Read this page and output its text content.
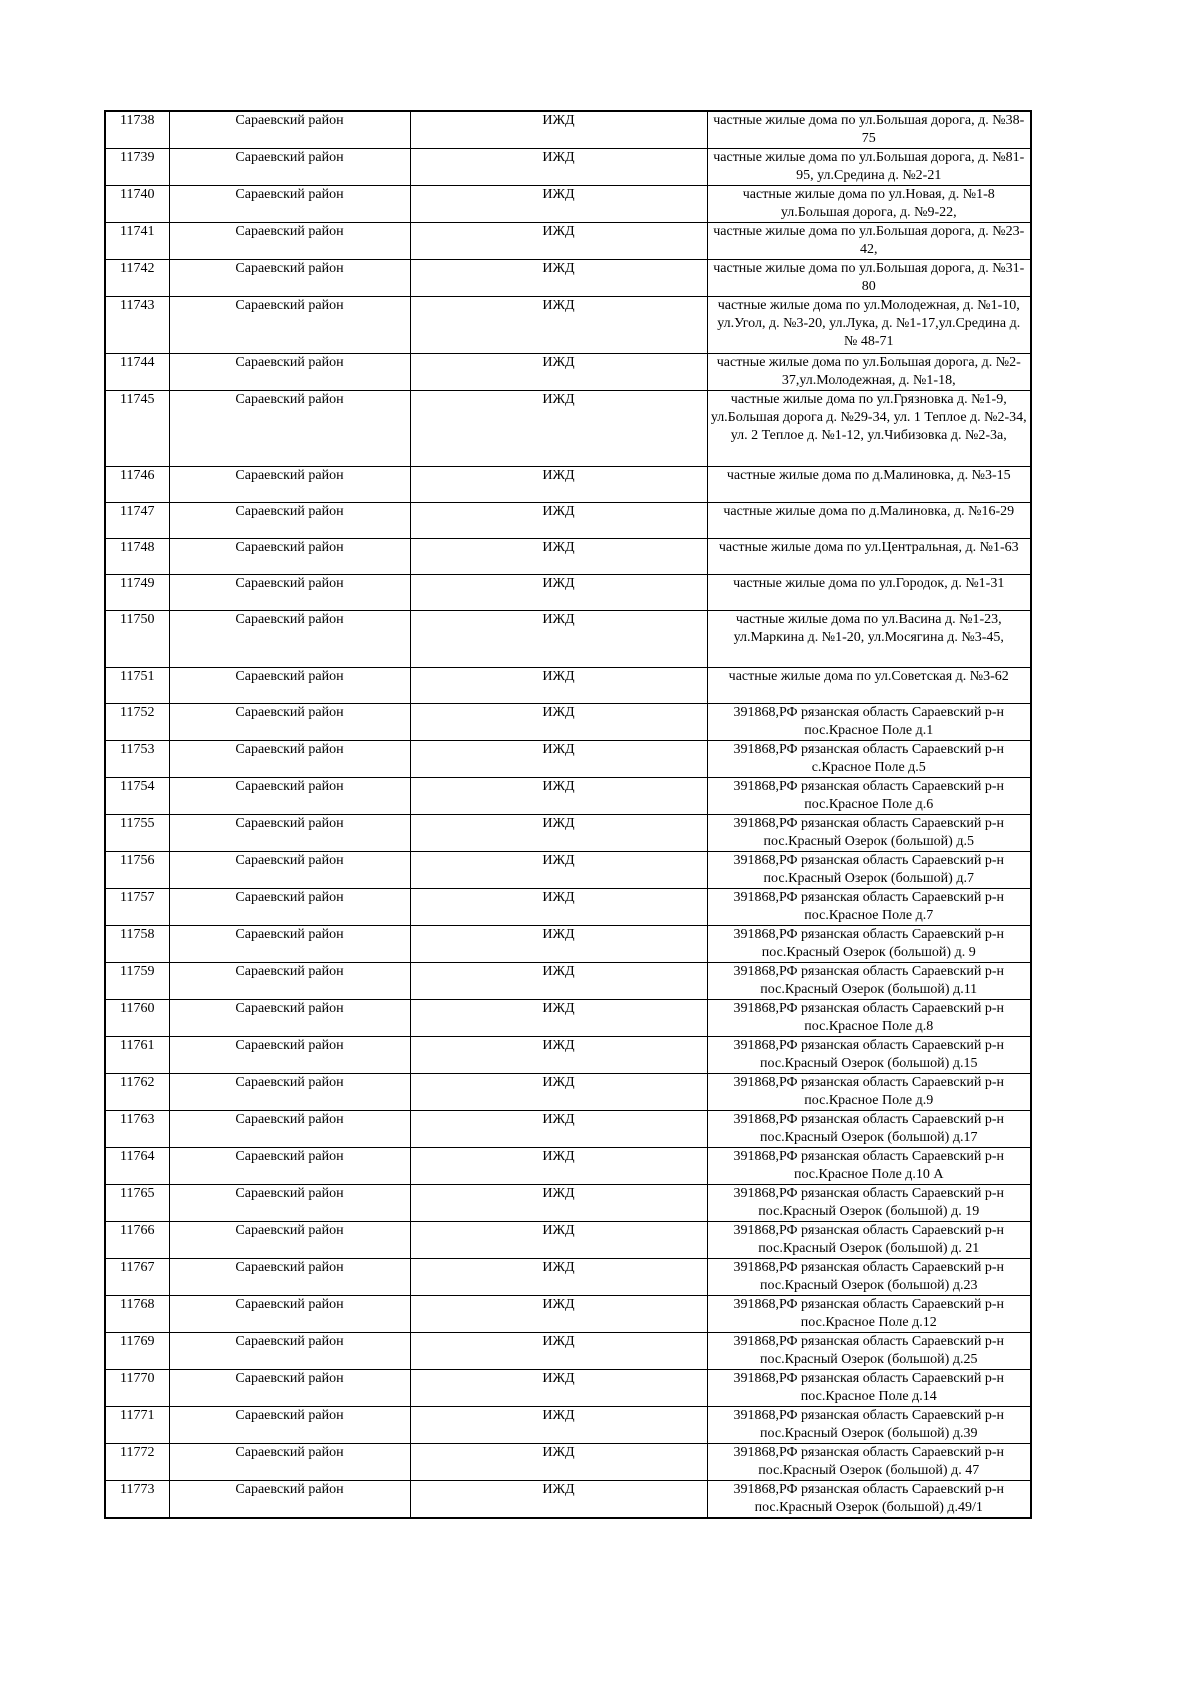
11738	Сараевский район	ИЖД	частные жилые дома по ул.Большая дорога, д. №38-75
11739	Сараевский район	ИЖД	частные жилые дома по ул.Большая дорога, д. №81-95, ул.Средина д. №2-21
11740	Сараевский район	ИЖД	частные жилые дома по ул.Новая, д. №1-8 ул.Большая дорога, д. №9-22,
11741	Сараевский район	ИЖД	частные жилые дома по ул.Большая дорога, д. №23-42,
11742	Сараевский район	ИЖД	частные жилые дома по ул.Большая дорога, д. №31-80
11743	Сараевский район	ИЖД	частные жилые дома по ул.Молодежная, д. №1-10, ул.Угол, д. №3-20, ул.Лука, д. №1-17,ул.Средина д. № 48-71
11744	Сараевский район	ИЖД	частные жилые дома по ул.Большая дорога, д. №2-37,ул.Молодежная, д. №1-18,
11745	Сараевский район	ИЖД	частные жилые дома по ул.Грязновка д. №1-9, ул.Большая дорога д. №29-34, ул. 1 Теплое д. №2-34, ул. 2 Теплое д. №1-12, ул.Чибизовка д. №2-3а,
11746	Сараевский район	ИЖД	частные жилые дома по д.Малиновка, д. №3-15
11747	Сараевский район	ИЖД	частные жилые дома по д.Малиновка, д. №16-29
11748	Сараевский район	ИЖД	частные жилые дома по ул.Центральная, д. №1-63
11749	Сараевский район	ИЖД	частные жилые дома по ул.Городок, д. №1-31
11750	Сараевский район	ИЖД	частные жилые дома по ул.Васина д. №1-23, ул.Маркина д. №1-20, ул.Мосягина д. №3-45,
11751	Сараевский район	ИЖД	частные жилые дома по ул.Советская д. №3-62
11752	Сараевский район	ИЖД	391868,РФ рязанская область Сараевский р-н пос.Красное Поле д.1
11753	Сараевский район	ИЖД	391868,РФ рязанская область Сараевский р-н с.Красное Поле д.5
11754	Сараевский район	ИЖД	391868,РФ рязанская область Сараевский р-н пос.Красное Поле д.6
11755	Сараевский район	ИЖД	391868,РФ рязанская область Сараевский р-н пос.Красный Озерок (большой) д.5
11756	Сараевский район	ИЖД	391868,РФ рязанская область Сараевский р-н пос.Красный Озерок (большой) д.7
11757	Сараевский район	ИЖД	391868,РФ рязанская область Сараевский р-н пос.Красное Поле д.7
11758	Сараевский район	ИЖД	391868,РФ рязанская область Сараевский р-н пос.Красный Озерок (большой) д. 9
11759	Сараевский район	ИЖД	391868,РФ рязанская область Сараевский р-н пос.Красный Озерок (большой) д.11
11760	Сараевский район	ИЖД	391868,РФ рязанская область Сараевский р-н пос.Красное Поле д.8
11761	Сараевский район	ИЖД	391868,РФ рязанская область Сараевский р-н пос.Красный Озерок (большой) д.15
11762	Сараевский район	ИЖД	391868,РФ рязанская область Сараевский р-н пос.Красное Поле д.9
11763	Сараевский район	ИЖД	391868,РФ рязанская область Сараевский р-н пос.Красный Озерок (большой) д.17
11764	Сараевский район	ИЖД	391868,РФ рязанская область Сараевский р-н пос.Красное Поле д.10 А
11765	Сараевский район	ИЖД	391868,РФ рязанская область Сараевский р-н пос.Красный Озерок (большой) д. 19
11766	Сараевский район	ИЖД	391868,РФ рязанская область Сараевский р-н пос.Красный Озерок (большой) д. 21
11767	Сараевский район	ИЖД	391868,РФ рязанская область Сараевский р-н пос.Красный Озерок (большой) д.23
11768	Сараевский район	ИЖД	391868,РФ рязанская область Сараевский р-н пос.Красное Поле д.12
11769	Сараевский район	ИЖД	391868,РФ рязанская область Сараевский р-н пос.Красный Озерок (большой) д.25
11770	Сараевский район	ИЖД	391868,РФ рязанская область Сараевский р-н пос.Красное Поле д.14
11771	Сараевский район	ИЖД	391868,РФ рязанская область Сараевский р-н пос.Красный Озерок (большой) д.39
11772	Сараевский район	ИЖД	391868,РФ рязанская область Сараевский р-н пос.Красный Озерок (большой) д. 47
11773	Сараевский район	ИЖД	391868,РФ рязанская область Сараевский р-н пос.Красный Озерок (большой) д.49/1
